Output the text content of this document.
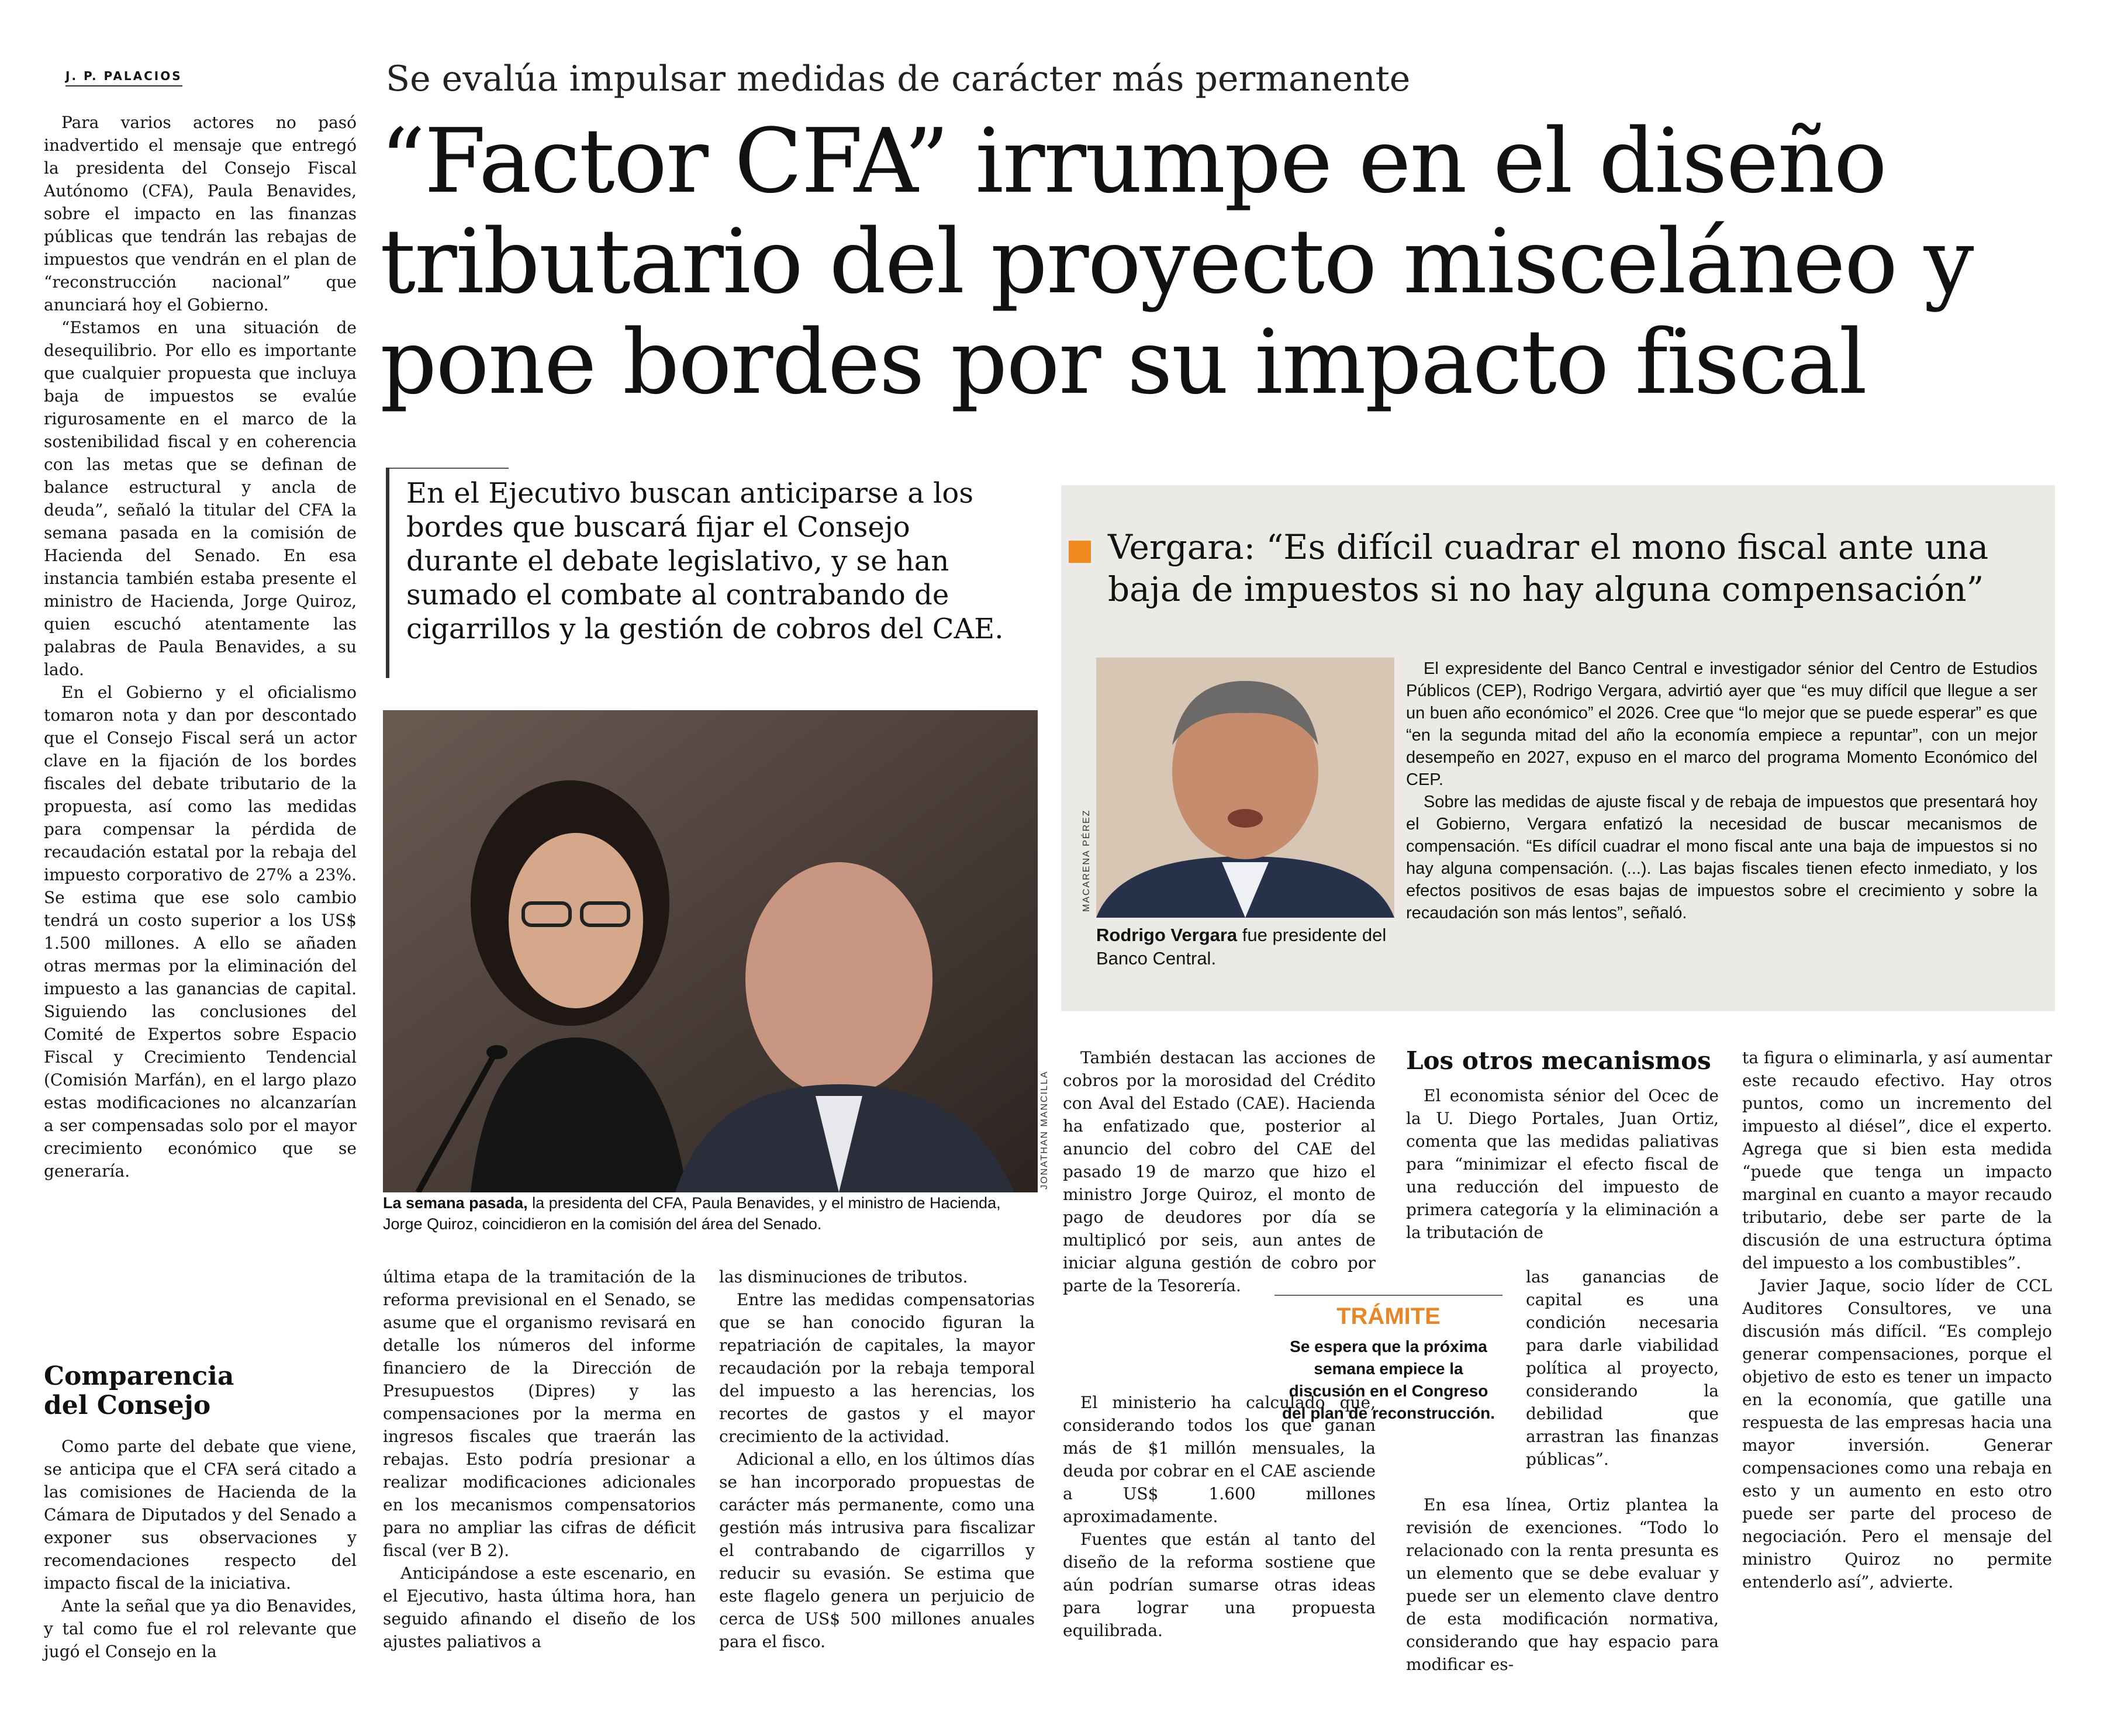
J. P. PALACIOS	Se evalúa impulsar medidas de carácter más permanente
“Factor CFA” irrumpe en el diseño
tributario del proyecto misceláneo y
pone bordes por su impacto fiscal
En el Ejecutivo buscan anticiparse a los
bordes que buscará fijar el Consejo
durante el debate legislativo, y se han
sumado el combate al contrabando de
cigarrillos y la gestión de cobros del CAE.

Para varios actores no pasó inadvertido el mensaje que entregó la presidenta del Consejo Fiscal Autónomo (CFA), Paula Benavides, sobre el impacto en las finanzas públicas que tendrán las rebajas de impuestos que vendrán en el plan de “reconstrucción nacional” que anunciará hoy el Gobierno.

“Estamos en una situación de desequilibrio. Por ello es importante que cualquier propuesta que incluya baja de impuestos se evalúe rigurosamente en el marco de la sostenibilidad fiscal y en coherencia con las metas que se definan de balance estructural y ancla de deuda”, señaló la titular del CFA la semana pasada en la comisión de Hacienda del Senado. En esa instancia también estaba presente el ministro de Hacienda, Jorge Quiroz, quien escuchó atentamente las palabras de Paula Benavides, a su lado.

En el Gobierno y el oficialismo tomaron nota y dan por descontado que el Consejo Fiscal será un actor clave en la fijación de los bordes fiscales del debate tributario de la propuesta, así como las medidas para compensar la pérdida de recaudación estatal por la rebaja del impuesto corporativo de 27% a 23%. Se estima que ese solo cambio tendrá un costo superior a los US$ 1.500 millones. A ello se añaden otras mermas por la eliminación del impuesto a las ganancias de capital. Siguiendo las conclusiones del Comité de Expertos sobre Espacio Fiscal y Crecimiento Tendencial (Comisión Marfán), en el largo plazo estas modificaciones no alcanzarían a ser compensadas solo por el mayor crecimiento económico que se generaría.

Comparencia
del Consejo

Como parte del debate que viene, se anticipa que el CFA será citado a las comisiones de Hacienda de la Cámara de Diputados y del Senado a exponer sus observaciones y recomendaciones respecto del impacto fiscal de la iniciativa.

Ante la señal que ya dio Benavides, y tal como fue el rol relevante que jugó el Consejo en la

JONATHAN MANCILLA
La semana pasada, la presidenta del CFA, Paula Benavides, y el ministro de Hacienda, Jorge Quiroz, coincidieron en la comisión del área del Senado.

última etapa de la tramitación de la reforma previsional en el Senado, se asume que el organismo revisará en detalle los números del informe financiero de la Dirección de Presupuestos (Dipres) y las compensaciones por la merma en ingresos fiscales que traerán las rebajas. Esto podría presionar a realizar modificaciones adicionales en los mecanismos compensatorios para no ampliar las cifras de déficit fiscal (ver B 2).

Anticipándose a este escenario, en el Ejecutivo, hasta última hora, han seguido afinando el diseño de los ajustes paliativos a

las disminuciones de tributos.

Entre las medidas compensatorias que se han conocido figuran la repatriación de capitales, la mayor recaudación por la rebaja temporal del impuesto a las herencias, los recortes de gastos y el mayor crecimiento de la actividad.

Adicional a ello, en los últimos días se han incorporado propuestas de carácter más permanente, como una gestión más intrusiva para fiscalizar el contrabando de cigarrillos y reducir su evasión. Se estima que este flagelo genera un perjuicio de cerca de US$ 500 millones anuales para el fisco.

Vergara: “Es difícil cuadrar el mono fiscal ante una
baja de impuestos si no hay alguna compensación”
MACARENA PÉREZ
Rodrigo Vergara fue presidente del Banco Central.

El expresidente del Banco Central e investigador sénior del Centro de Estudios Públicos (CEP), Rodrigo Vergara, advirtió ayer que “es muy difícil que llegue a ser un buen año económico” el 2026. Cree que “lo mejor que se puede esperar” es que “en la segunda mitad del año la economía empiece a repuntar”, con un mejor desempeño en 2027, expuso en el marco del programa Momento Económico del CEP.

Sobre las medidas de ajuste fiscal y de rebaja de impuestos que presentará hoy el Gobierno, Vergara enfatizó la necesidad de buscar mecanismos de compensación. “Es difícil cuadrar el mono fiscal ante una baja de impuestos si no hay alguna compensación. (...). Las bajas fiscales tienen efecto inmediato, y los efectos positivos de esas bajas de impuestos sobre el crecimiento y sobre la recaudación son más lentos”, señaló.

También destacan las acciones de cobros por la morosidad del Crédito con Aval del Estado (CAE). Hacienda ha enfatizado que, posterior al anuncio del cobro del CAE del pasado 19 de marzo que hizo el ministro Jorge Quiroz, el monto de pago de deudores por día se multiplicó por seis, aun antes de iniciar alguna gestión de cobro por parte de la Tesorería.

El ministerio ha calculado que, considerando todos los que ganan más de $1 millón mensuales, la deuda por cobrar en el CAE asciende a US$ 1.600 millones aproximadamente.

Fuentes que están al tanto del diseño de la reforma sostiene que aún podrían sumarse otras ideas para lograr una propuesta equilibrada.

TRÁMITE
Se espera que la próxima semana empiece la discusión en el Congreso del plan de reconstrucción.
Los otros mecanismos

El economista sénior del Ocec de la U. Diego Portales, Juan Ortiz, comenta que las medidas paliativas para “minimizar el efecto fiscal de una reducción del impuesto de primera categoría y la eliminación a la tributación de

las ganancias de capital es una condición necesaria para darle viabilidad política al proyecto, considerando la debilidad que arrastran las finanzas públicas”.

En esa línea, Ortiz plantea la revisión de exenciones. “Todo lo relacionado con la renta presunta es un elemento que se debe evaluar y puede ser un elemento clave dentro de esta modificación normativa, considerando que hay espacio para modificar es-

ta figura o eliminarla, y así aumentar este recaudo efectivo. Hay otros puntos, como un incremento del impuesto al diésel”, dice el experto. Agrega que si bien esta medida “puede que tenga un impacto marginal en cuanto a mayor recaudo tributario, debe ser parte de la discusión de una estructura óptima del impuesto a los combustibles”.

Javier Jaque, socio líder de CCL Auditores Consultores, ve una discusión más difícil. “Es complejo generar compensaciones, porque el objetivo de esto es tener un impacto en la economía, que gatille una respuesta de las empresas hacia una mayor inversión. Generar compensaciones como una rebaja en esto y un aumento en esto otro puede ser parte del proceso de negociación. Pero el mensaje del ministro Quiroz no permite entenderlo así”, advierte.
